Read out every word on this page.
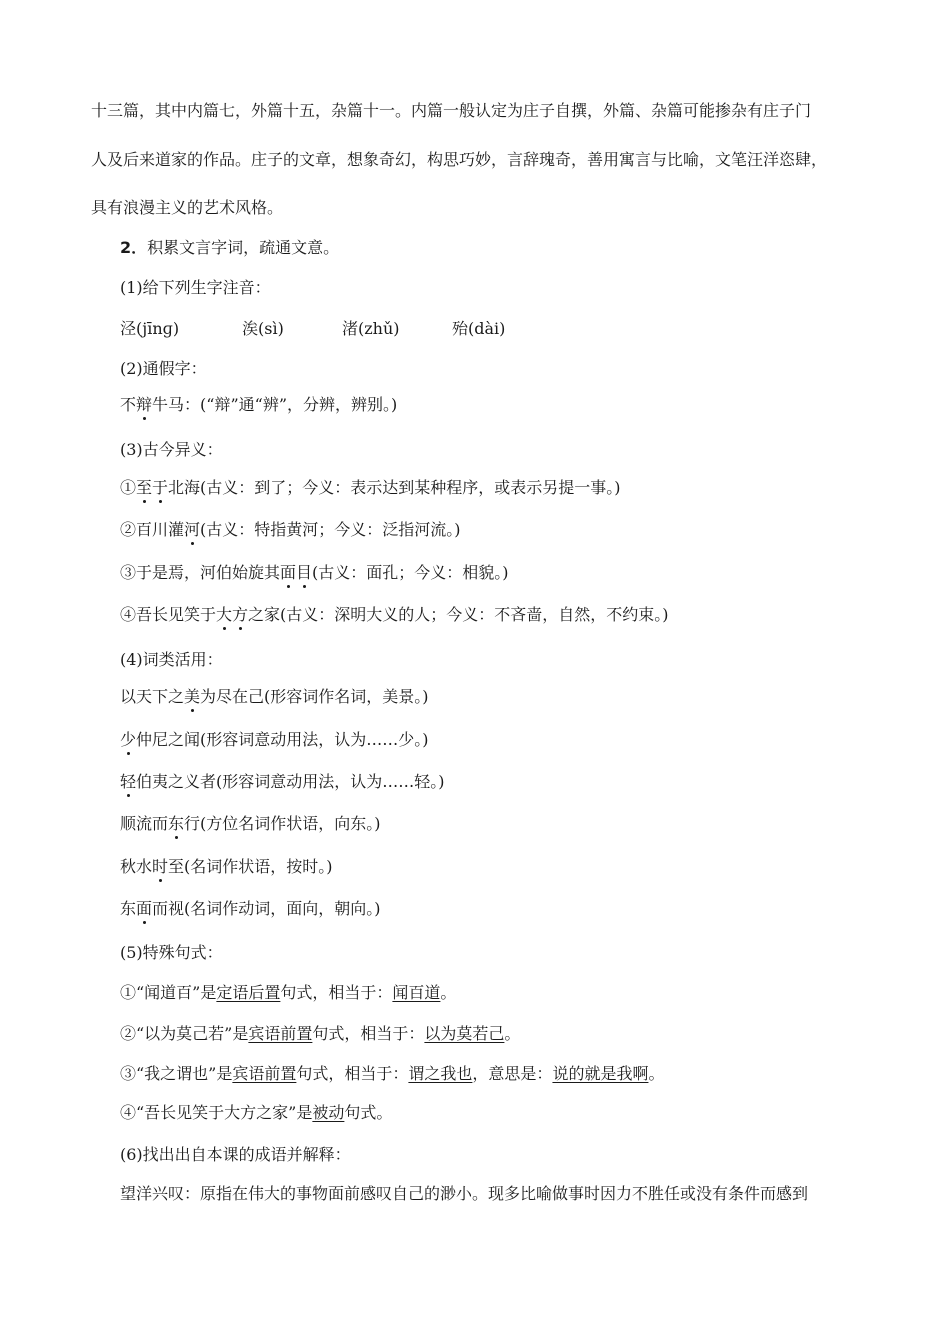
十三篇，其中内篇七，外篇十五，杂篇十一。内篇一般认定为庄子自撰，外篇、杂篇可能掺杂有庄子门
人及后来道家的作品。庄子的文章，想象奇幻，构思巧妙，言辞瑰奇，善用寓言与比喻，文笔汪洋恣肆，
具有浪漫主义的艺术风格。
2．积累文言字词，疏通文意。
(1)给下列生字注音：
泾(jīnɡ)	涘(sì)	渚(zhǔ)	殆(dài)
(2)通假字：
不辩牛马：(“辩”通“辨”，分辨，辨别。)
(3)古今异义：
①至于北海(古义：到了；今义：表示达到某种程序，或表示另提一事。)
②百川灌河(古义：特指黄河；今义：泛指河流。)
③于是焉，河伯始旋其面目(古义：面孔；今义：相貌。)
④吾长见笑于大方之家(古义：深明大义的人；今义：不吝啬，自然，不约束。)
(4)词类活用：
以天下之美为尽在己(形容词作名词，美景。)
少仲尼之闻(形容词意动用法，认为……少。)
轻伯夷之义者(形容词意动用法，认为……轻。)
顺流而东行(方位名词作状语，向东。)
秋水时至(名词作状语，按时。)
东面而视(名词作动词，面向，朝向。)
(5)特殊句式：
①“闻道百”是定语后置句式，相当于：闻百道。
②“以为莫己若”是宾语前置句式，相当于：以为莫若己。
③“我之谓也”是宾语前置句式，相当于：谓之我也，意思是：说的就是我啊。
④“吾长见笑于大方之家”是被动句式。
(6)找出出自本课的成语并解释：
望洋兴叹：原指在伟大的事物面前感叹自己的渺小。现多比喻做事时因力不胜任或没有条件而感到
